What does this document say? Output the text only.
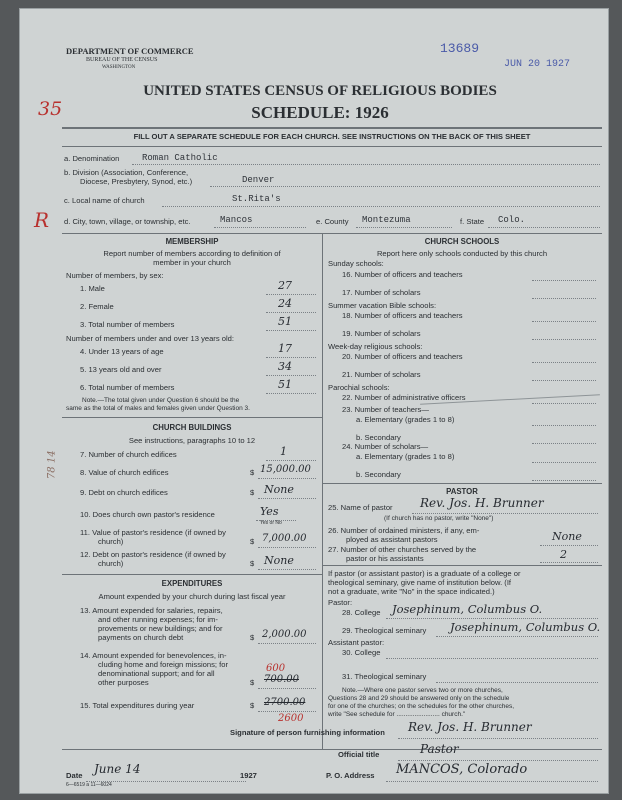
DEPARTMENT OF COMMERCE
BUREAU OF THE CENSUS
WASHINGTON
13689
JUN 20 1927
35
UNITED STATES CENSUS OF RELIGIOUS BODIES
SCHEDULE: 1926
FILL OUT A SEPARATE SCHEDULE FOR EACH CHURCH. SEE INSTRUCTIONS ON THE BACK OF THIS SHEET
a. Denomination	Roman Catholic
b. Division (Association, Conference,
Diocese, Presbytery, Synod, etc.)	Denver
c. Local name of church	St.Rita's
R d. City, town, village, or township, etc.	Mancos	e. County Montezuma	f. State Colo.
MEMBERSHIP
Report number of members according to definition of
member in your church
Number of members, by sex:
1. Male	27
2. Female	24
3. Total number of members	51
Number of members under and over 13 years old:
4. Under 13 years of age	17
5. 13 years old and over	34
6. Total number of members	51
Note.—The total given under Question 6 should be the
same as the total of males and females given under Question 3.
CHURCH BUILDINGS
See instructions, paragraphs 10 to 12
78 14	7. Number of church edifices	1
8. Value of church edifices	$ 15,000.00
9. Debt on church edifices	$ None
10. Does church own pastor's residence	Yes
Yes or No
11. Value of pastor's residence (if owned by
church)	$ 7,000.00
12. Debt on pastor's residence (if owned by
church)	$ None
EXPENDITURES
Amount expended by your church during last fiscal year
13. Amount expended for salaries, repairs,
and other running expenses; for im-
provements or new buildings; and for
payments on church debt	$ 2,000.00
14. Amount expended for benevolences, in-
cluding home and foreign missions; for
denominational support; and for all
other purposes
600
$ 700.00
15. Total expenditures during year	$ 2700.00
2600
CHURCH SCHOOLS
Report here only schools conducted by this church
Sunday schools:
16. Number of officers and teachers
17. Number of scholars
Summer vacation Bible schools:
18. Number of officers and teachers
19. Number of scholars
Week-day religious schools:
20. Number of officers and teachers
21. Number of scholars
Parochial schools:
22. Number of administrative officers
23. Number of teachers—
a. Elementary (grades 1 to 8)
b. Secondary
24. Number of scholars—
a. Elementary (grades 1 to 8)
b. Secondary
PASTOR
25. Name of pastor Rev. Jos. H. Brunner
(If church has no pastor, write "None")
26. Number of ordained ministers, if any, em-
ployed as assistant pastors	None
27. Number of other churches served by the
pastor or his assistants	2
If pastor (or assistant pastor) is a graduate of a college or
theological seminary, give name of institution below. (If
not a graduate, write "No" in the space indicated.)
Pastor:
28. College Josephinum, Columbus O.
29. Theological seminary Josephinum, Columbus O.
Assistant pastor:
30. College
31. Theological seminary
Note.—Where one pastor serves two or more churches,
Questions 28 and 29 should be answered only on the schedule
for one of the churches; on the schedules for the other churches,
write "See schedule for ........................ church."
Signature of person furnishing information Rev. Jos. H. Brunner
Official title	Pastor
Date June 14	1927	P. O. Address MANCOS, Colorado
6—6519 a 11—6024
